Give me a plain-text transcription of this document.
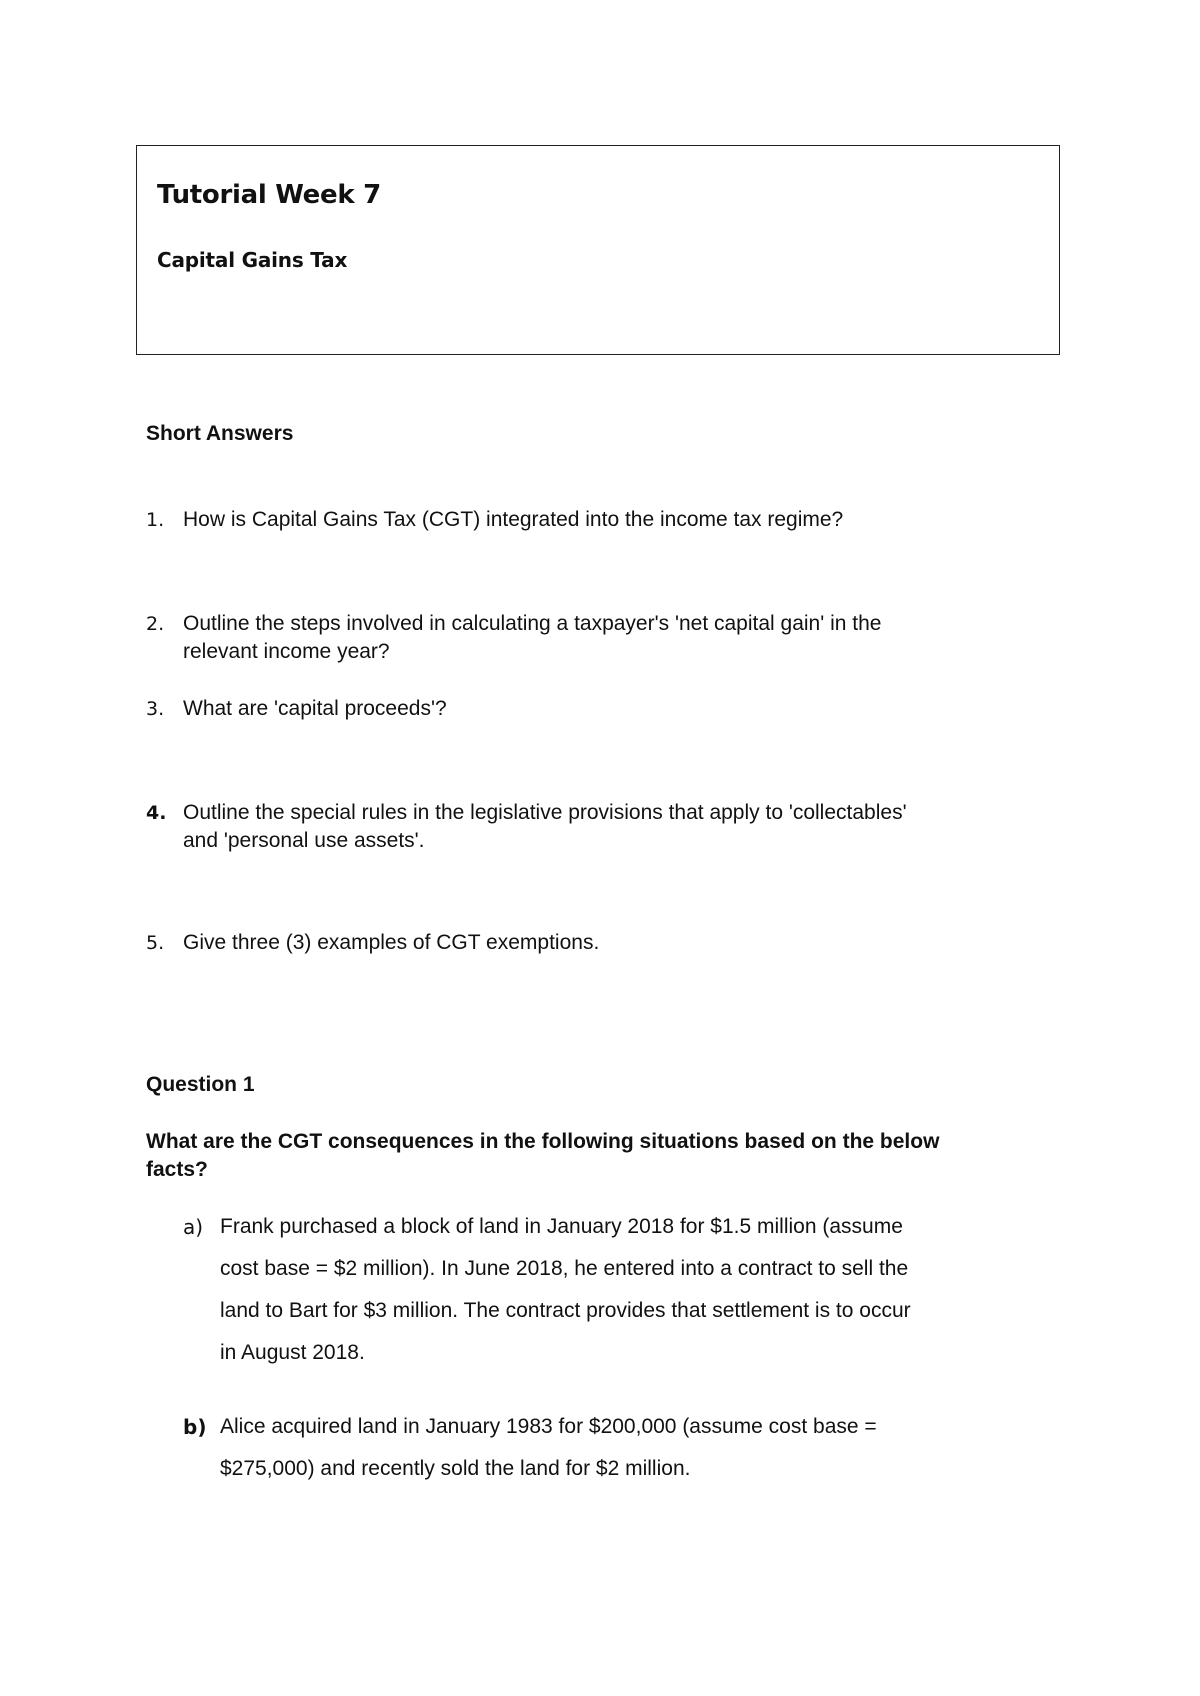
Tutorial Week 7
Capital Gains Tax
Short Answers
1. How is Capital Gains Tax (CGT) integrated into the income tax regime?
2. Outline the steps involved in calculating a taxpayer's 'net capital gain' in the
relevant income year?
3. What are 'capital proceeds'?
4. Outline the special rules in the legislative provisions that apply to 'collectables'
and 'personal use assets'.
5. Give three (3) examples of CGT exemptions.
Question 1
What are the CGT consequences in the following situations based on the below
facts?
a) Frank purchased a block of land in January 2018 for $1.5 million (assume
cost base = $2 million). In June 2018, he entered into a contract to sell the
land to Bart for $3 million. The contract provides that settlement is to occur
in August 2018.
b) Alice acquired land in January 1983 for $200,000 (assume cost base =
$275,000) and recently sold the land for $2 million.
